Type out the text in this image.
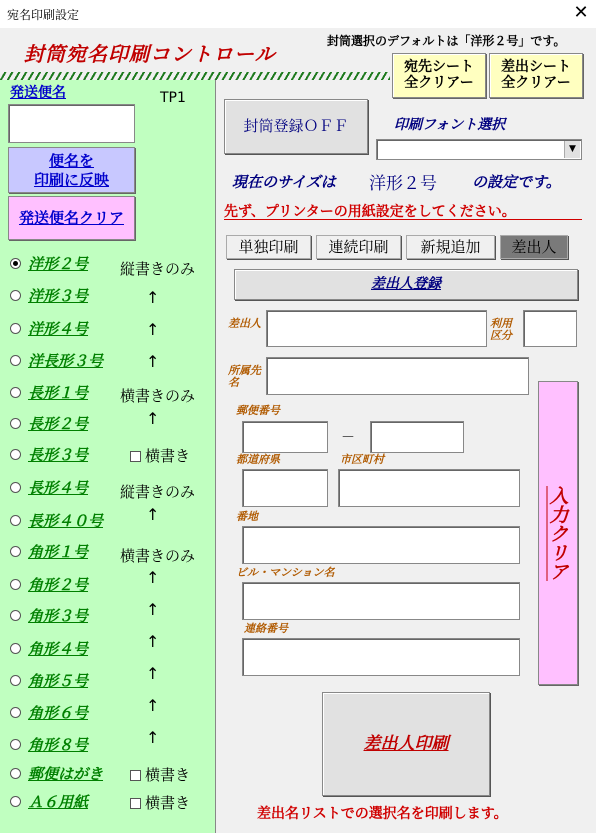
宛名印刷設定	✕
封筒宛名印刷コントロール
封筒選択のデフォルトは「洋形２号」です。
宛先シート
全クリアー
差出シート
全クリアー
発送便名	TP1
便名を
印刷に反映
発送便名クリア
洋形２号
洋形３号
洋形４号
洋長形３号
長形１号
長形２号
長形３号
長形４号
長形４０号
角形１号
角形２号
角形３号
角形４号
角形５号
角形６号
角形８号
郵便はがき
Ａ６用紙
縦書きのみ
↑
↑
↑
横書きのみ
↑
横書き
縦書きのみ
↑
横書きのみ
↑
↑
↑
↑
↑
↑
横書き
横書き
封筒登録ＯＦＦ	印刷フォント選択
▼
現在のサイズは 洋形２号 の設定です。
先ず、プリンターの用紙設定をしてください。
単独印刷	連続印刷	新規追加	差出人
差出人登録
差出人	利用区分
所属先名
郵便番号
－
都道府県	市区町村
番地
ビル・マンション名
連絡番号
入力クリア
差出人印刷
差出名リストでの選択名を印刷します。
